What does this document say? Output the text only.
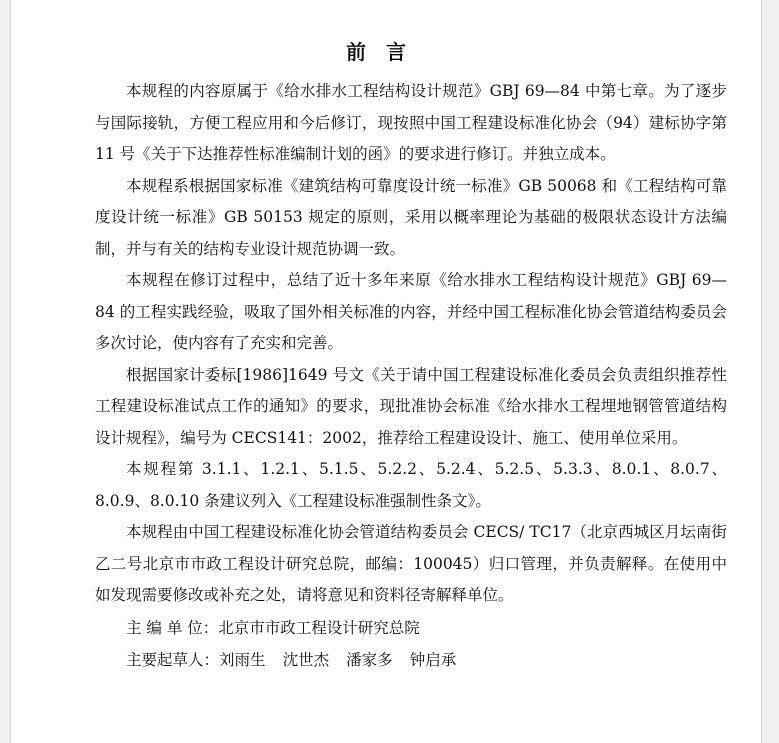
前言

本规程的内容原属于《给水排水工程结构设计规范》GBJ 69—84 中第七章。为了逐步与国际接轨，方便工程应用和今后修订，现按照中国工程建设标准化协会（94）建标协字第 11 号《关于下达推荐性标准编制计划的函》的要求进行修订。并独立成本。

本规程系根据国家标准《建筑结构可靠度设计统一标准》GB 50068 和《工程结构可靠度设计统一标准》GB 50153 规定的原则，采用以概率理论为基础的极限状态设计方法编制，并与有关的结构专业设计规范协调一致。

本规程在修订过程中，总结了近十多年来原《给水排水工程结构设计规范》GBJ 69—84 的工程实践经验，吸取了国外相关标准的内容，并经中国工程标准化协会管道结构委员会多次讨论，使内容有了充实和完善。

根据国家计委标[1986]1649 号文《关于请中国工程建设标准化委员会负责组织推荐性工程建设标准试点工作的通知》的要求，现批准协会标准《给水排水工程埋地钢管管道结构设计规程》，编号为 CECS141：2002，推荐给工程建设设计、施工、使用单位采用。

本规程第 3.1.1、1.2.1、5.1.5、5.2.2、5.2.4、5.2.5、5.3.3、8.0.1、8.0.7、8.0.9、8.0.10 条建议列入《工程建设标准强制性条文》。

本规程由中国工程建设标准化协会管道结构委员会 CECS/ TC17（北京西城区月坛南街乙二号北京市市政工程设计研究总院，邮编：100045）归口管理，并负责解释。在使用中如发现需要修改或补充之处，请将意见和资料径寄解释单位。

主 编 单 位：北京市市政工程设计研究总院

主要起草人：刘雨生 沈世杰 潘家多 钟启承
